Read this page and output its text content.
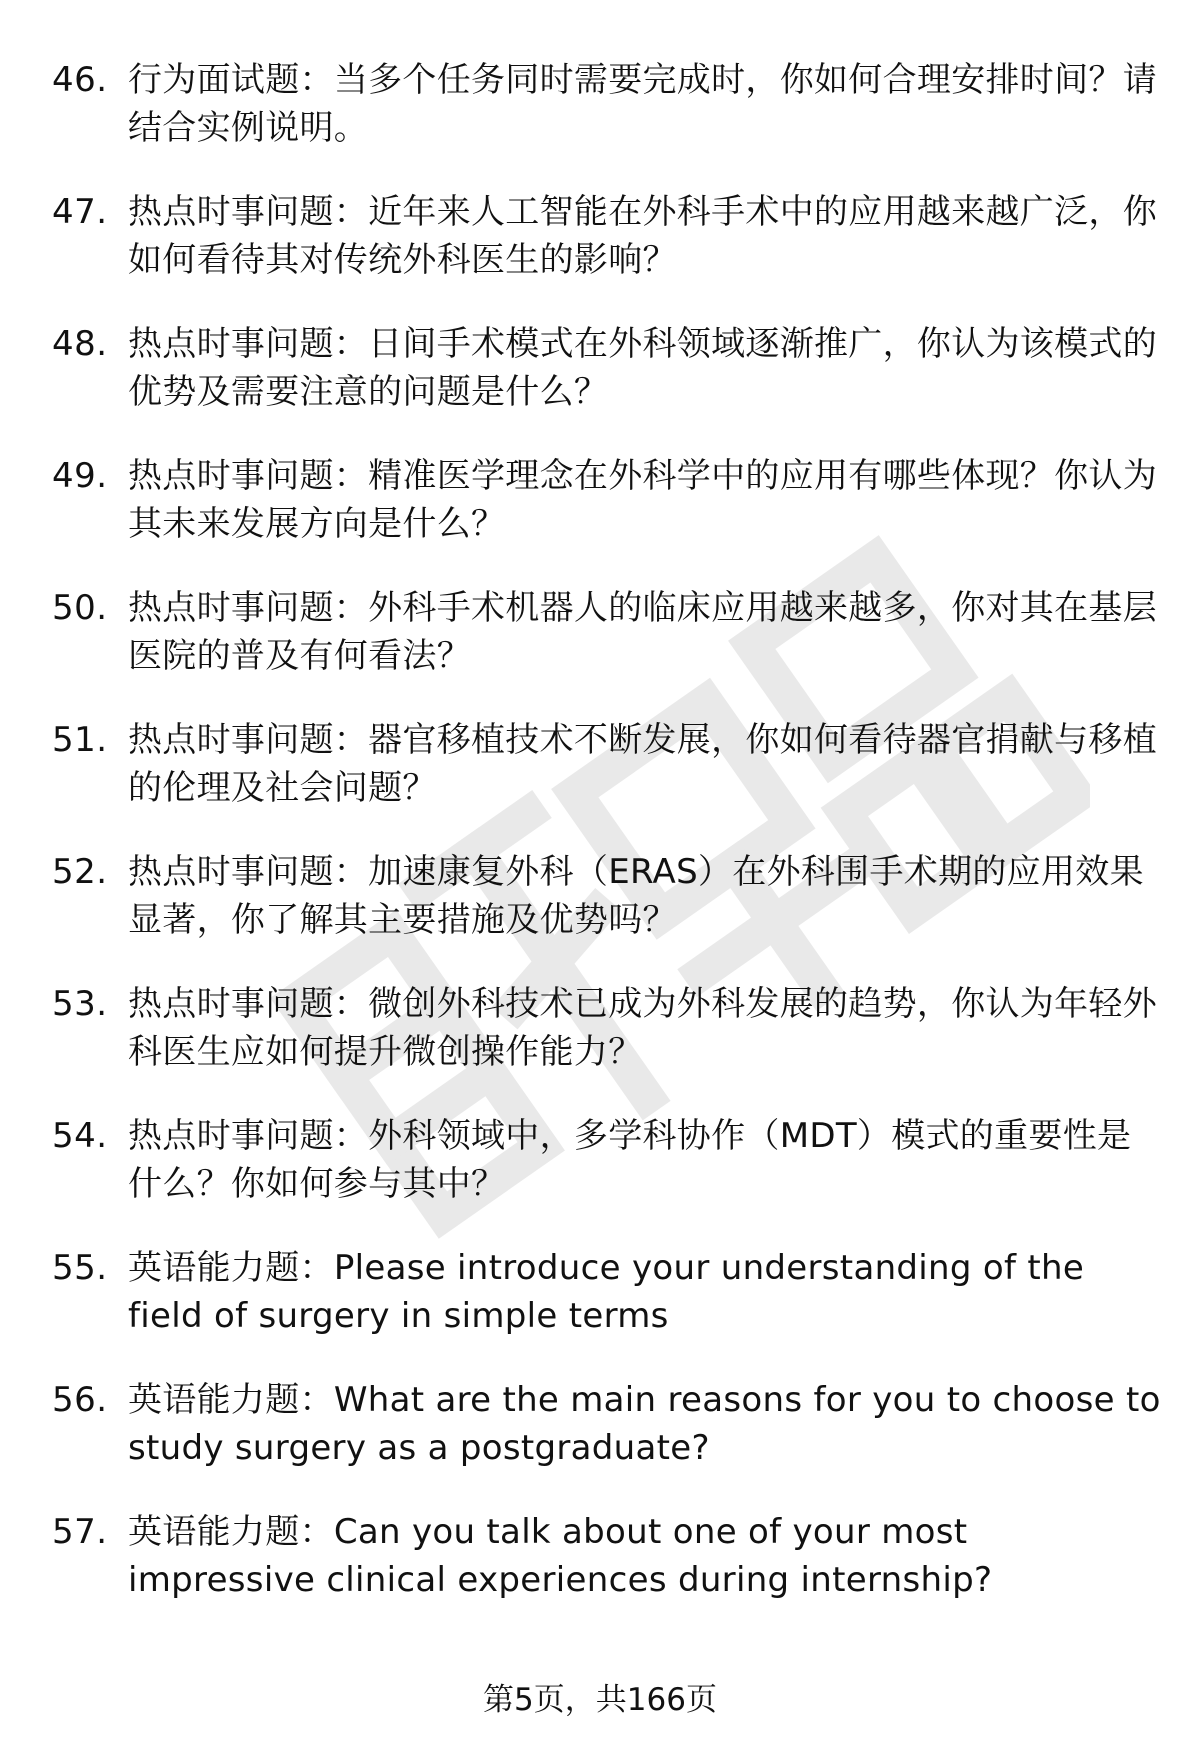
46. 行为面试题：当多个任务同时需要完成时，你如何合理安排时间？请结合实例说明。
47. 热点时事问题：近年来人工智能在外科手术中的应用越来越广泛，你如何看待其对传统外科医生的影响？
48. 热点时事问题：日间手术模式在外科领域逐渐推广，你认为该模式的优势及需要注意的问题是什么？
49. 热点时事问题：精准医学理念在外科学中的应用有哪些体现？你认为其未来发展方向是什么？
50. 热点时事问题：外科手术机器人的临床应用越来越多，你对其在基层医院的普及有何看法？
51. 热点时事问题：器官移植技术不断发展，你如何看待器官捐献与移植的伦理及社会问题？
52. 热点时事问题：加速康复外科（ERAS）在外科围手术期的应用效果显著，你了解其主要措施及优势吗？
53. 热点时事问题：微创外科技术已成为外科发展的趋势，你认为年轻外科医生应如何提升微创操作能力？
54. 热点时事问题：外科领域中，多学科协作（MDT）模式的重要性是什么？你如何参与其中？
55. 英语能力题：Please introduce your understanding of the field of surgery in simple terms
56. 英语能力题：What are the main reasons for you to choose to study surgery as a postgraduate?
57. 英语能力题：Can you talk about one of your most impressive clinical experiences during internship?
第5页，共166页
